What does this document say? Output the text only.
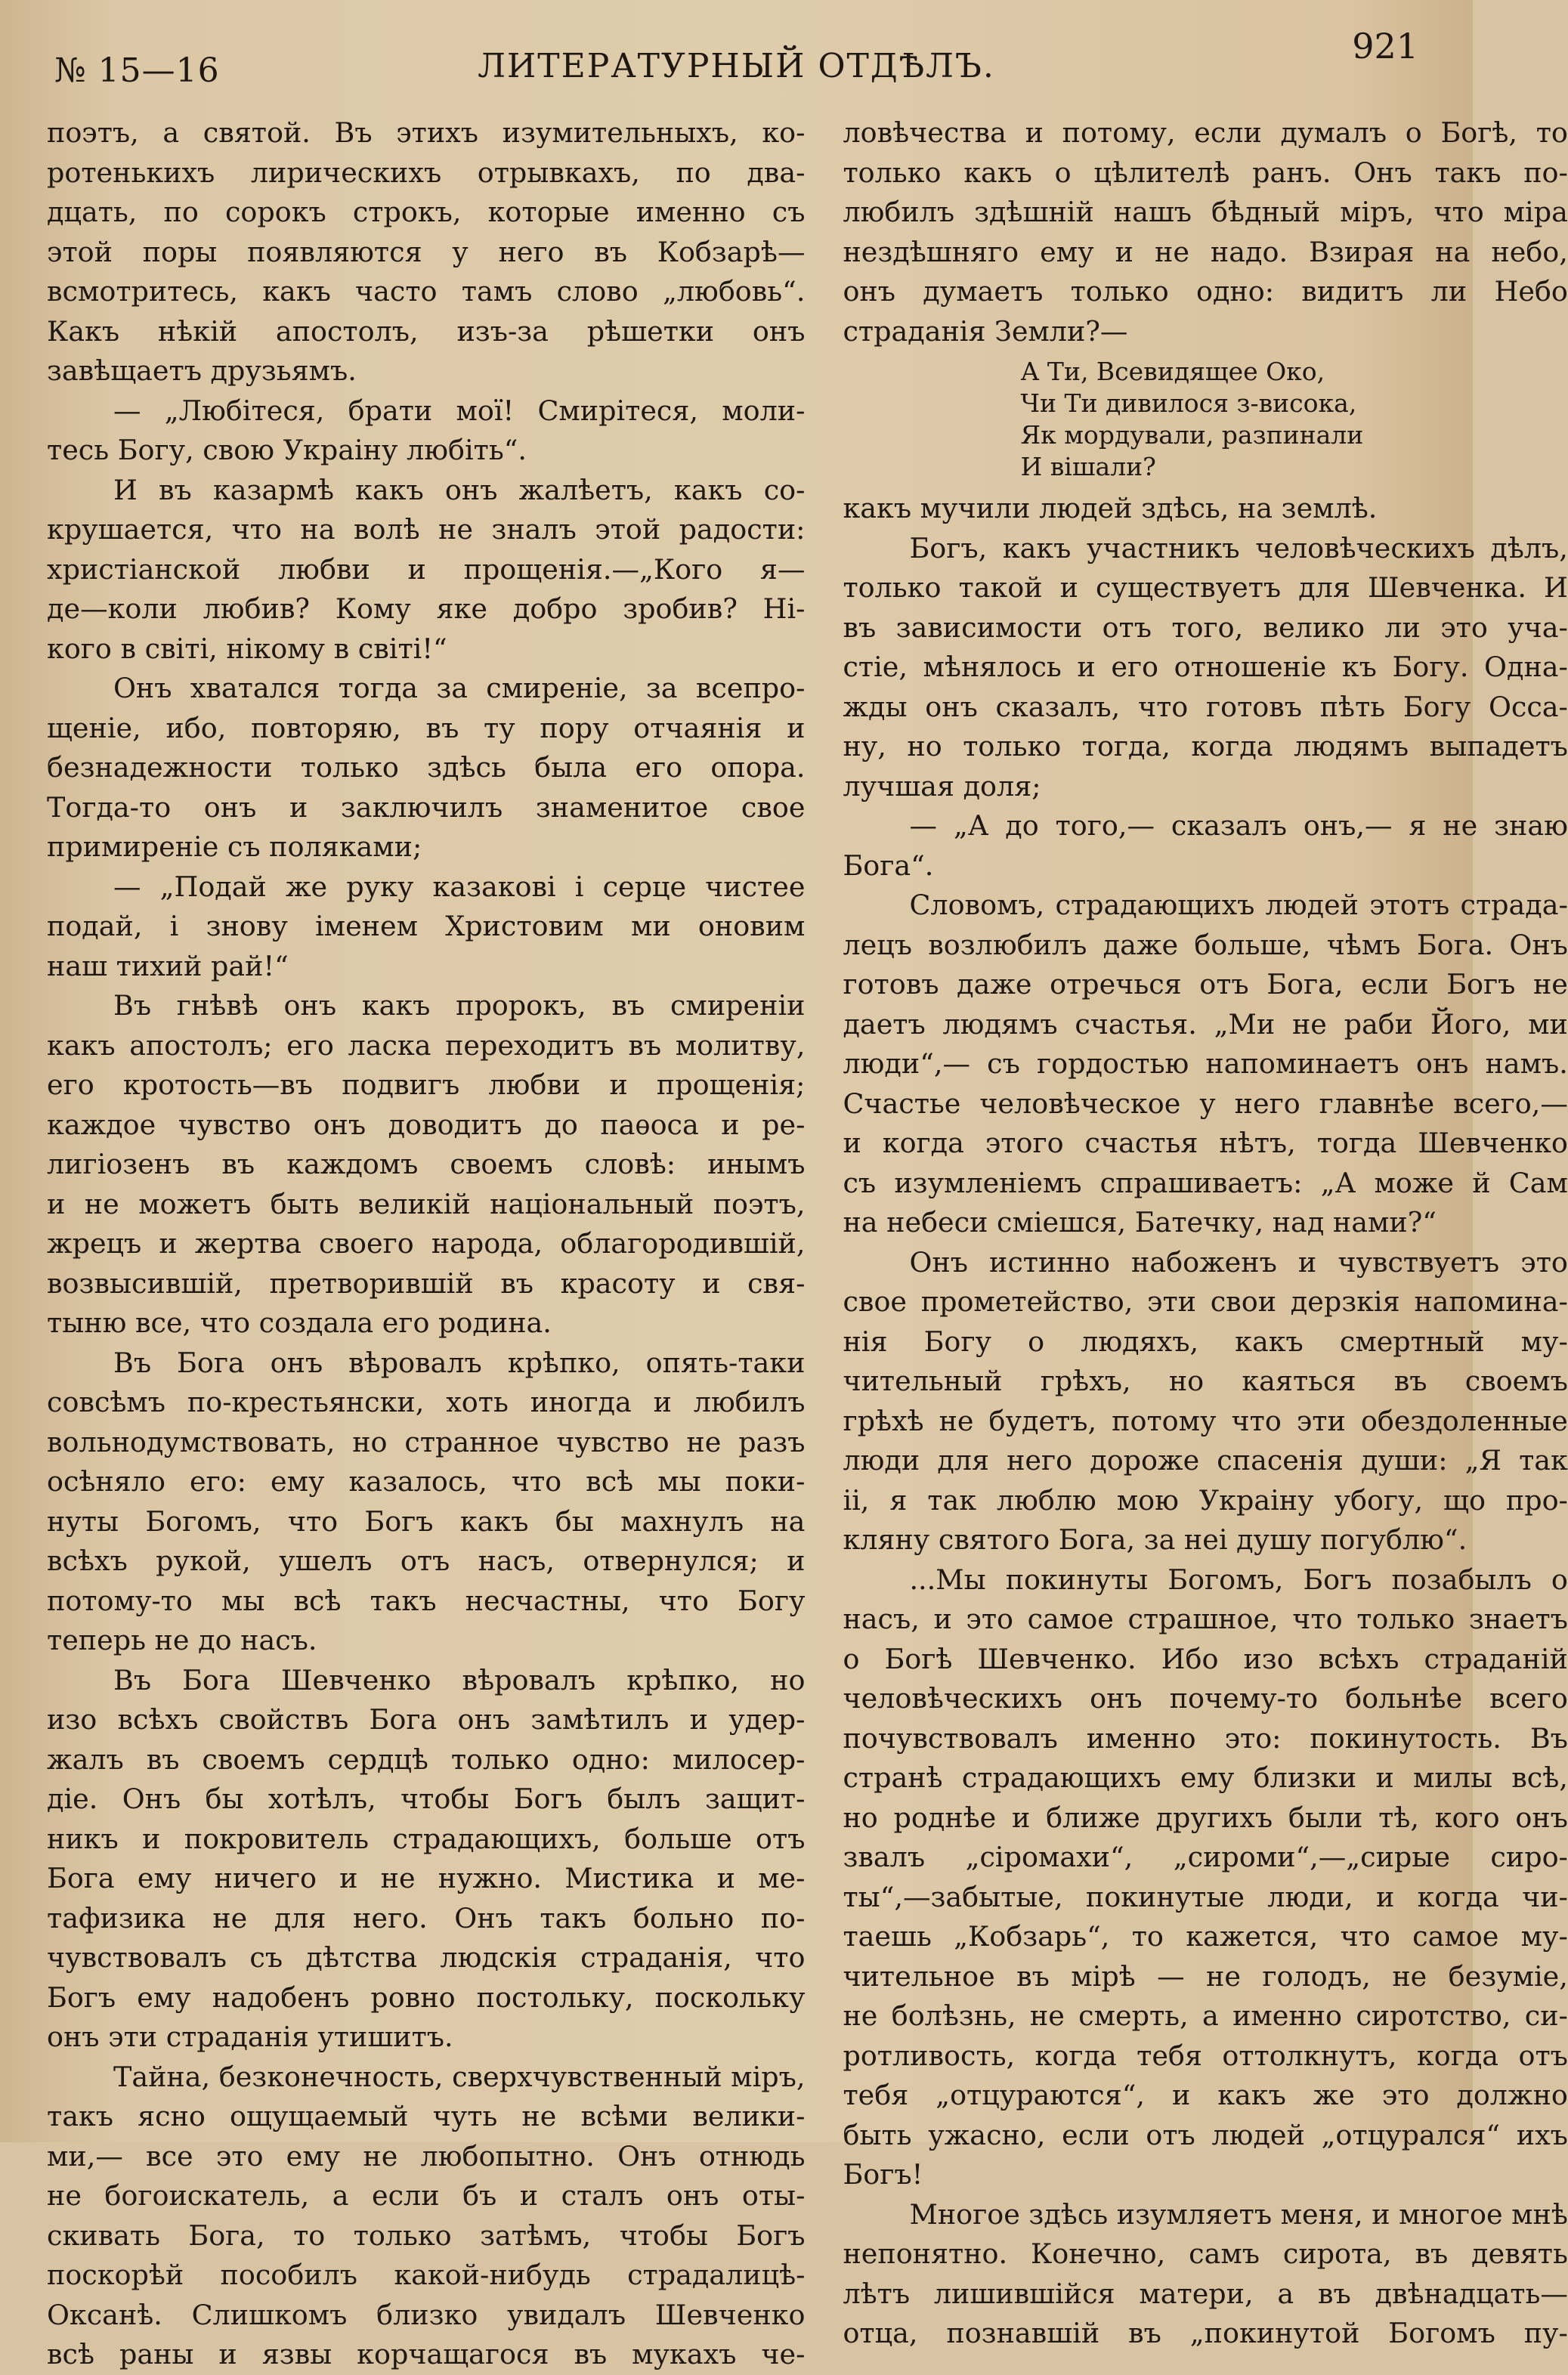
№ 15—16	ЛИТЕРАТУРНЫЙ ОТДѢЛЪ.	921
поэтъ, а святой. Въ этихъ изумительныхъ, ко-
ротенькихъ лирическихъ отрывкахъ, по два-
дцать, по сорокъ строкъ, которые именно съ
этой поры появляются у него въ Кобзарѣ—
всмотритесь, какъ часто тамъ слово „любовь“.
Какъ нѣкій апостолъ, изъ-за рѣшетки онъ
завѣщаетъ друзьямъ.
— „Любітеся, брати мої! Смирітеся, моли-
тесь Богу, свою Украіну любіть“.
И въ казармѣ какъ онъ жалѣетъ, какъ со-
крушается, что на волѣ не зналъ этой радости:
христіанской любви и прощенія.—„Кого я—
де—коли любив? Кому яке добро зробив? Ні-
кого в світі, нікому в світі!“
Онъ хватался тогда за смиреніе, за всепро-
щеніе, ибо, повторяю, въ ту пору отчаянія и
безнадежности только здѣсь была его опора.
Тогда-то онъ и заключилъ знаменитое свое
примиреніе съ поляками;
— „Подай же руку казакові і серце чистее
подай, і знову іменем Христовим ми оновим
наш тихий рай!“
Въ гнѣвѣ онъ какъ пророкъ, въ смиреніи
какъ апостолъ; его ласка переходитъ въ молитву,
его кротость—въ подвигъ любви и прощенія;
каждое чувство онъ доводитъ до паѳоса и ре-
лигіозенъ въ каждомъ своемъ словѣ: инымъ
и не можетъ быть великій національный поэтъ,
жрецъ и жертва своего народа, облагородившій,
возвысившій, претворившій въ красоту и свя-
тыню все, что создала его родина.
Въ Бога онъ вѣровалъ крѣпко, опять-таки
совсѣмъ по-крестьянски, хоть иногда и любилъ
вольнодумствовать, но странное чувство не разъ
осѣняло его: ему казалось, что всѣ мы поки-
нуты Богомъ, что Богъ какъ бы махнулъ на
всѣхъ рукой, ушелъ отъ насъ, отвернулся; и
потому-то мы всѣ такъ несчастны, что Богу
теперь не до насъ.
Въ Бога Шевченко вѣровалъ крѣпко, но
изо всѣхъ свойствъ Бога онъ замѣтилъ и удер-
жалъ въ своемъ сердцѣ только одно: милосер-
діе. Онъ бы хотѣлъ, чтобы Богъ былъ защит-
никъ и покровитель страдающихъ, больше отъ
Бога ему ничего и не нужно. Мистика и ме-
тафизика не для него. Онъ такъ больно по-
чувствовалъ съ дѣтства людскія страданія, что
Богъ ему надобенъ ровно постольку, поскольку
онъ эти страданія утишитъ.
Тайна, безконечность, сверхчувственный міръ,
такъ ясно ощущаемый чуть не всѣми велики-
ми,— все это ему не любопытно. Онъ отнюдь
не богоискатель, а если бъ и сталъ онъ оты-
скивать Бога, то только затѣмъ, чтобы Богъ
поскорѣй пособилъ какой-нибудь страдалицѣ-
Оксанѣ. Слишкомъ близко увидалъ Шевченко
всѣ раны и язвы корчащагося въ мукахъ че-
ловѣчества и потому, если думалъ о Богѣ, то
только какъ о цѣлителѣ ранъ. Онъ такъ по-
любилъ здѣшній нашъ бѣдный міръ, что міра
нездѣшняго ему и не надо. Взирая на небо,
онъ думаетъ только одно: видитъ ли Небо
страданія Земли?—
А Ти, Всевидящее Око,
Чи Ти дивилося з-висока,
Як мордували, разпинали
И вішали?
какъ мучили людей здѣсь, на землѣ.
Богъ, какъ участникъ человѣческихъ дѣлъ,
только такой и существуетъ для Шевченка. И
въ зависимости отъ того, велико ли это уча-
стіе, мѣнялось и его отношеніе къ Богу. Одна-
жды онъ сказалъ, что готовъ пѣть Богу Осса-
ну, но только тогда, когда людямъ выпадетъ
лучшая доля;
— „А до того,— сказалъ онъ,— я не знаю
Бога“.
Словомъ, страдающихъ людей этотъ страда-
лецъ возлюбилъ даже больше, чѣмъ Бога. Онъ
готовъ даже отречься отъ Бога, если Богъ не
даетъ людямъ счастья. „Ми не раби Його, ми
люди“,— съ гордостью напоминаетъ онъ намъ.
Счастье человѣческое у него главнѣе всего,—
и когда этого счастья нѣтъ, тогда Шевченко
съ изумленіемъ спрашиваетъ: „А може й Сам
на небеси сміешся, Батечку, над нами?“
Онъ истинно набоженъ и чувствуетъ это
свое прометейство, эти свои дерзкія напомина-
нія Богу о людяхъ, какъ смертный му-
чительный грѣхъ, но каяться въ своемъ
грѣхѣ не будетъ, потому что эти обездоленные
люди для него дороже спасенія души: „Я так
іі, я так люблю мою Украіну убогу, що про-
кляну святого Бога, за неі душу погублю“.
...Мы покинуты Богомъ, Богъ позабылъ о
насъ, и это самое страшное, что только знаетъ
о Богѣ Шевченко. Ибо изо всѣхъ страданій
человѣческихъ онъ почему-то больнѣе всего
почувствовалъ именно это: покинутость. Въ
странѣ страдающихъ ему близки и милы всѣ,
но роднѣе и ближе другихъ были тѣ, кого онъ
звалъ „сіромахи“, „сироми“,—„сирые сиро-
ты“,—забытые, покинутые люди, и когда чи-
таешь „Кобзарь“, то кажется, что самое му-
чительное въ мірѣ — не голодъ, не безуміе,
не болѣзнь, не смерть, а именно сиротство, си-
ротливость, когда тебя оттолкнутъ, когда отъ
тебя „отцураются“, и какъ же это должно
быть ужасно, если отъ людей „отцурался“ ихъ
Богъ!
Многое здѣсь изумляетъ меня, и многое мнѣ
непонятно. Конечно, самъ сирота, въ девять
лѣтъ лишившійся матери, а въ двѣнадцать—
отца, познавшій въ „покинутой Богомъ пу-
